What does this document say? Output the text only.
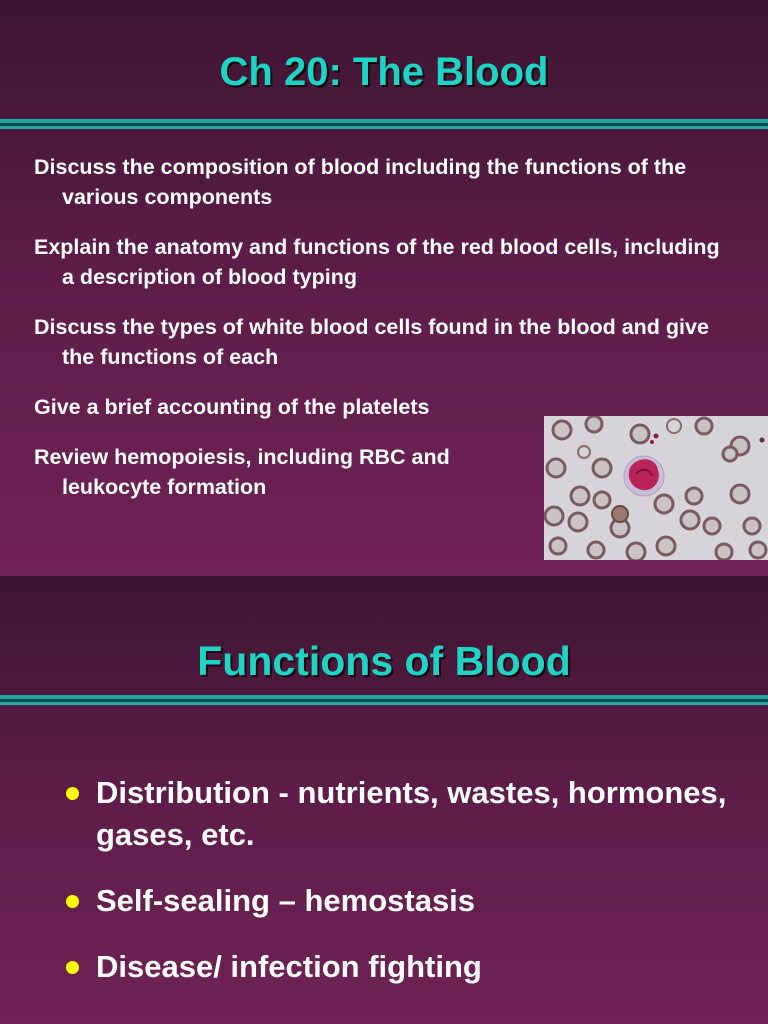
Ch 20: The Blood
Discuss the composition of blood including the functions of the various components
Explain the anatomy and functions of the red blood cells, including a description of blood typing
Discuss the types of white blood cells found in the blood and give the functions of each
Give a brief accounting of the platelets
Review hemopoiesis, including RBC and leukocyte formation
Functions of Blood
Distribution - nutrients, wastes, hormones, gases, etc.
Self-sealing – hemostasis
Disease/ infection fighting
